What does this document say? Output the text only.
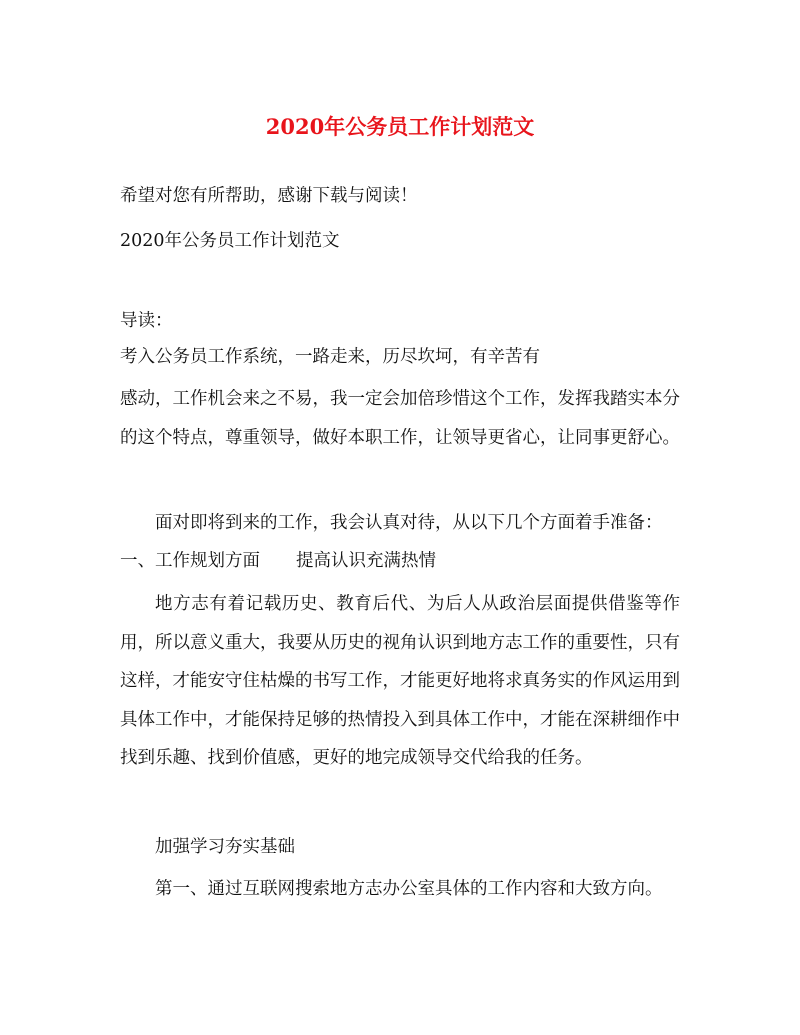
2020年公务员工作计划范文

希望对您有所帮助，感谢下载与阅读！

2020年公务员工作计划范文

导读：

考入公务员工作系统，一路走来，历尽坎坷，有辛苦有

感动，工作机会来之不易，我一定会加倍珍惜这个工作，发挥我踏实本分的这个特点，尊重领导，做好本职工作，让领导更省心，让同事更舒心。

面对即将到来的工作，我会认真对待，从以下几个方面着手准备：

一、工作规划方面 提高认识充满热情

地方志有着记载历史、教育后代、为后人从政治层面提供借鉴等作用，所以意义重大，我要从历史的视角认识到地方志工作的重要性，只有这样，才能安守住枯燥的书写工作，才能更好地将求真务实的作风运用到具体工作中，才能保持足够的热情投入到具体工作中，才能在深耕细作中找到乐趣、找到价值感，更好的地完成领导交代给我的任务。

加强学习夯实基础

第一、通过互联网搜索地方志办公室具体的工作内容和大致方向。
